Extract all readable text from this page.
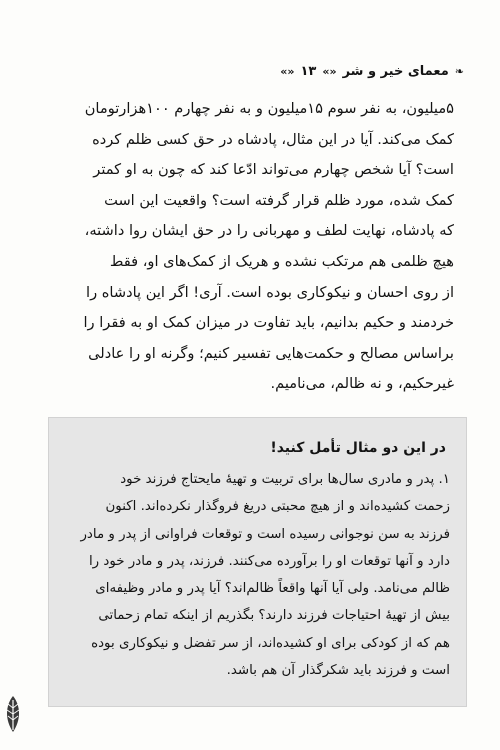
❧
معمای خیر و شر
«»
۱۳
«»
۵میلیون، به نفر سوم ۱۵میلیون و به نفر چهارم ۱۰۰هزارتومان
کمک می‌کند. آیا در این مثال، پادشاه در حق کسی ظلم کرده
است؟ آیا شخص چهارم می‌تواند ادّعا کند که چون به او کمتر
کمک شده، مورد ظلم قرار گرفته است؟ واقعیت این است
که پادشاه، نهایت لطف و مهربانی را در حق ایشان روا داشته،
هیچ ظلمی هم مرتکب نشده و هریک از کمک‌های او، فقط
از روی احسان و نیکوکاری بوده است. آری! اگر این پادشاه را
خردمند و حکیم بدانیم، باید تفاوت در میزان کمک او به فقرا را
براساس مصالح و حکمت‌هایی تفسیر کنیم؛ وگرنه او را عادلی
غیرحکیم، و نه ظالم، می‌نامیم.
در این دو مثال تأمل کنید!
۱. پدر و مادری سال‌ها برای تربیت و تهیهٔ مایحتاج فرزند خود
زحمت کشیده‌اند و از هیچ محبتی دریغ فروگذار نکرده‌اند. اکنون
فرزند به سن نوجوانی رسیده است و توقعات فراوانی از پدر و مادر
دارد و آنها توقعات او را برآورده می‌کنند. فرزند، پدر و مادر خود را
ظالم می‌نامد. ولی آیا آنها واقعاً ظالم‌اند؟ آیا پدر و مادر وظیفه‌ای
بیش از تهیهٔ احتیاجات فرزند دارند؟ بگذریم از اینکه تمام زحماتی
هم که از کودکی برای او کشیده‌اند، از سر تفضل و نیکوکاری بوده
است و فرزند باید شکرگذار آن هم باشد.
